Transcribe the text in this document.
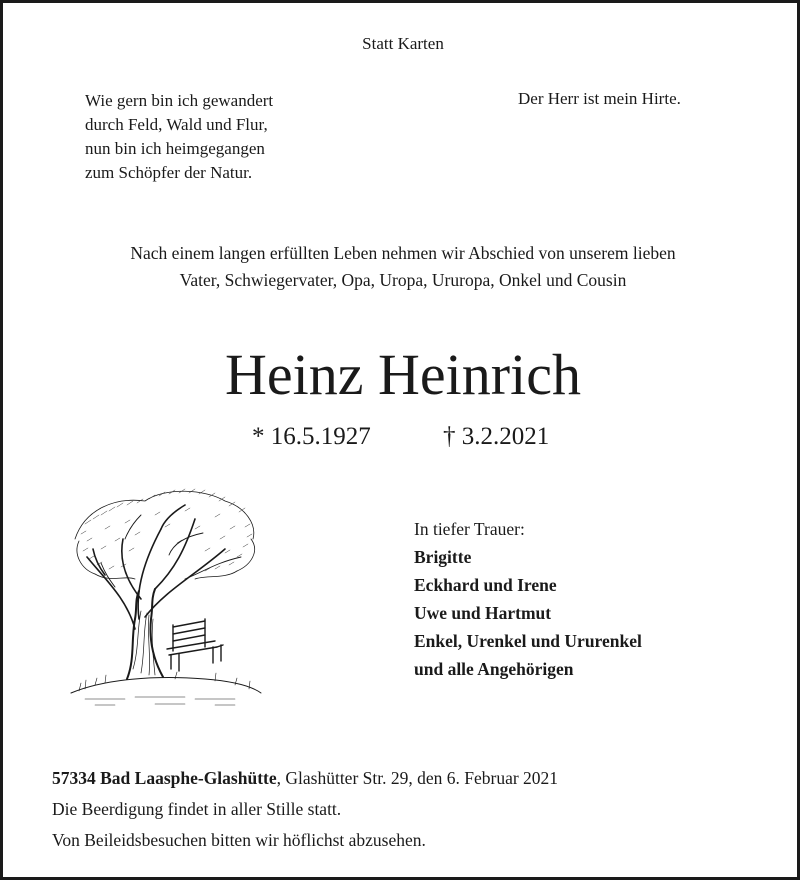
Statt Karten
Wie gern bin ich gewandert
durch Feld, Wald und Flur,
nun bin ich heimgegangen
zum Schöpfer der Natur.
Der Herr ist mein Hirte.
Nach einem langen erfüllten Leben nehmen wir Abschied von unserem lieben
Vater, Schwiegervater, Opa, Uropa, Ururopa, Onkel und Cousin
Heinz Heinrich
* 16.5.1927	† 3.2.2021
In tiefer Trauer:
Brigitte
Eckhard und Irene
Uwe und Hartmut
Enkel, Urenkel und Ururenkel
und alle Angehörigen
57334 Bad Laasphe-Glashütte, Glashütter Str. 29, den 6. Februar 2021
Die Beerdigung findet in aller Stille statt.
Von Beileidsbesuchen bitten wir höflichst abzusehen.
